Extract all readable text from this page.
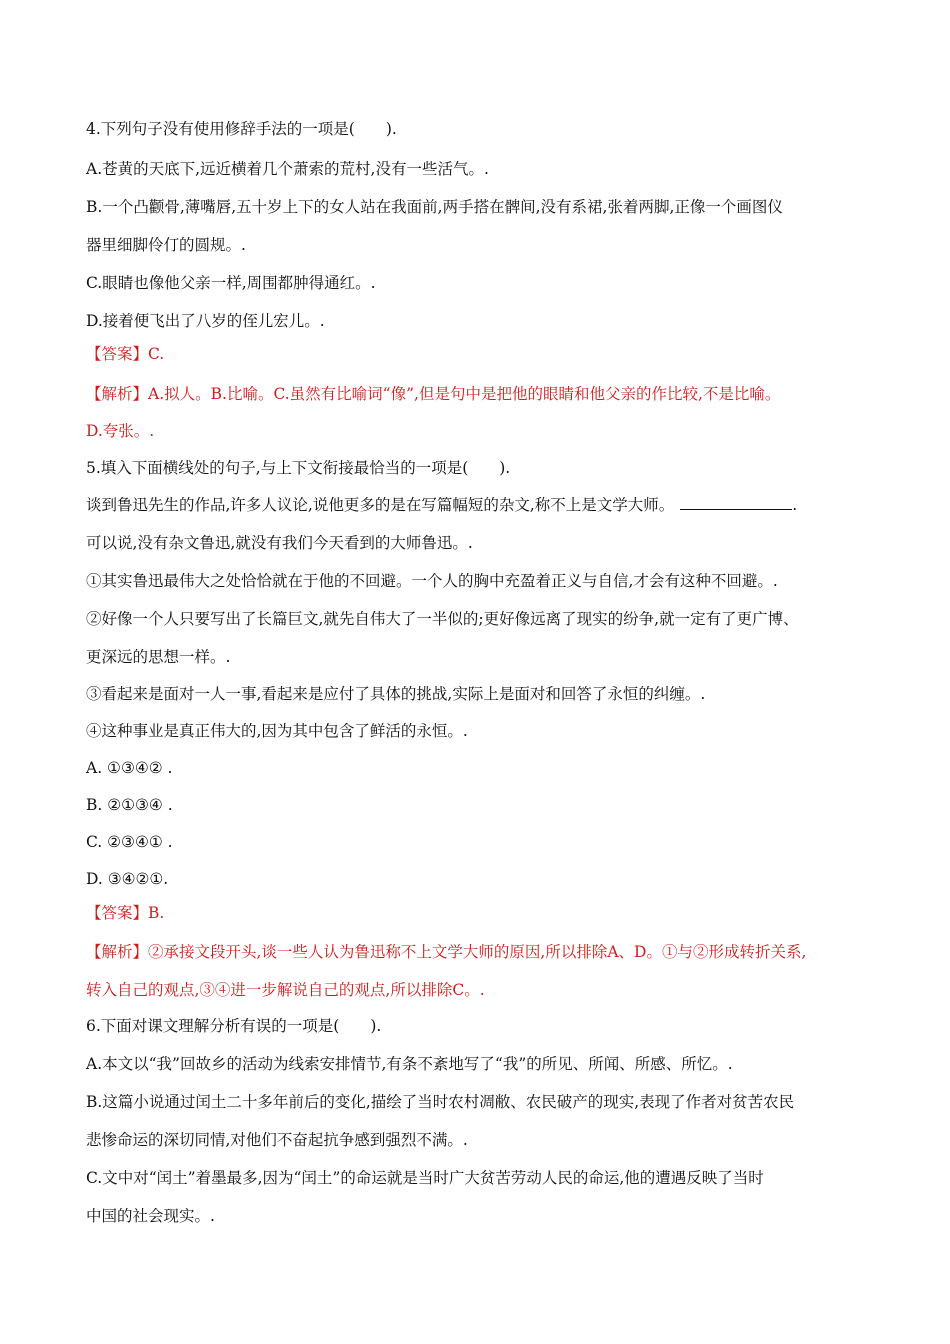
4.下列句子没有使用修辞手法的一项是(　　).
A.苍黄的天底下,远近横着几个萧索的荒村,没有一些活气。.
B.一个凸颧骨,薄嘴唇,五十岁上下的女人站在我面前,两手搭在髀间,没有系裙,张着两脚,正像一个画图仪
器里细脚伶仃的圆规。.
C.眼睛也像他父亲一样,周围都肿得通红。.
D.接着便飞出了八岁的侄儿宏儿。.
【答案】C.
【解析】A.拟人。B.比喻。C.虽然有比喻词“像”,但是句中是把他的眼睛和他父亲的作比较,不是比喻。
D.夸张。.
5.填入下面横线处的句子,与上下文衔接最恰当的一项是(　　).
谈到鲁迅先生的作品,许多人议论,说他更多的是在写篇幅短的杂文,称不上是文学大师。	.
可以说,没有杂文鲁迅,就没有我们今天看到的大师鲁迅。.
①其实鲁迅最伟大之处恰恰就在于他的不回避。一个人的胸中充盈着正义与自信,才会有这种不回避。.
②好像一个人只要写出了长篇巨文,就先自伟大了一半似的;更好像远离了现实的纷争,就一定有了更广博、
更深远的思想一样。.
③看起来是面对一人一事,看起来是应付了具体的挑战,实际上是面对和回答了永恒的纠缠。.
④这种事业是真正伟大的,因为其中包含了鲜活的永恒。.
A. ①③④② .
B. ②①③④ .
C. ②③④① .
D. ③④②①.
【答案】B.
【解析】②承接文段开头,谈一些人认为鲁迅称不上文学大师的原因,所以排除A、D。①与②形成转折关系,
转入自己的观点,③④进一步解说自己的观点,所以排除C。.
6.下面对课文理解分析有误的一项是(　　).
A.本文以“我”回故乡的活动为线索安排情节,有条不紊地写了“我”的所见、所闻、所感、所忆。.
B.这篇小说通过闰土二十多年前后的变化,描绘了当时农村凋敝、农民破产的现实,表现了作者对贫苦农民
悲惨命运的深切同情,对他们不奋起抗争感到强烈不满。.
C.文中对“闰土”着墨最多,因为“闰土”的命运就是当时广大贫苦劳动人民的命运,他的遭遇反映了当时
中国的社会现实。.
